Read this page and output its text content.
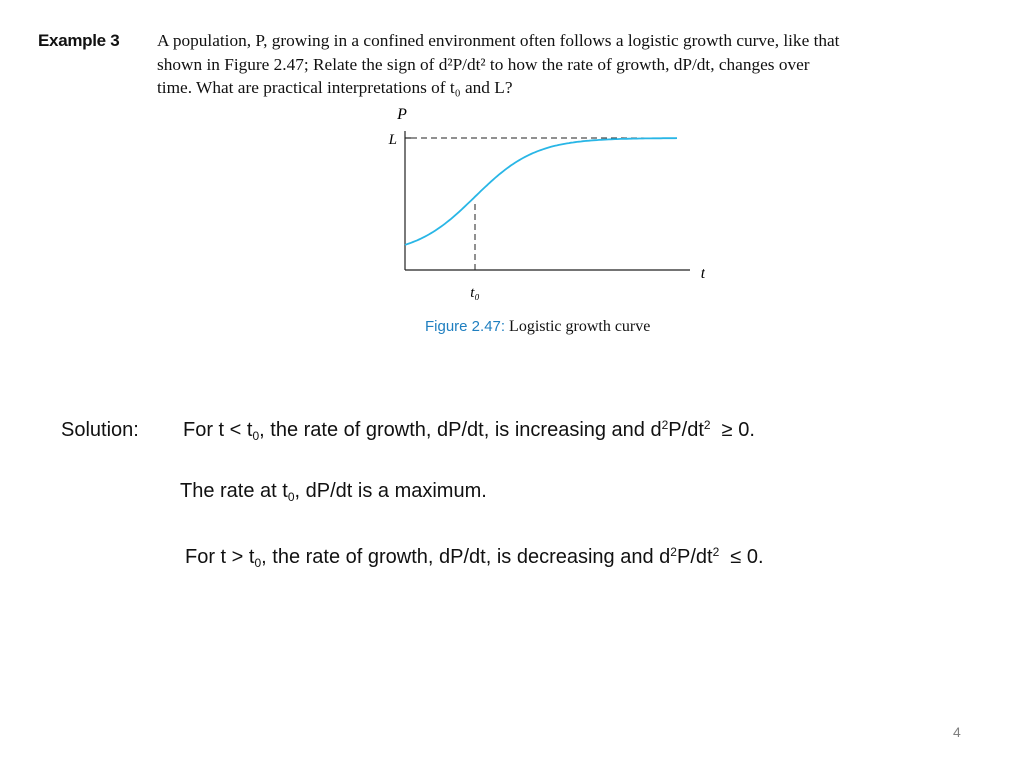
Example 3 A population, P, growing in a confined environment often follows a logistic growth curve, like that
shown in Figure 2.47; Relate the sign of d²P/dt² to how the rate of growth, dP/dt, changes over
time. What are practical interpretations of t₀ and L?
P
L
t
t₀
Figure 2.47: Logistic growth curve
Solution: For $t < t_0$, the rate of growth, dP/dt, is increasing and $d^2P/dt^2 \ge 0$.
The rate at $t_0$, dP/dt is a maximum.
For $t > t_0$, the rate of growth, dP/dt, is decreasing and $d^2P/dt^2 \le 0$.
4
